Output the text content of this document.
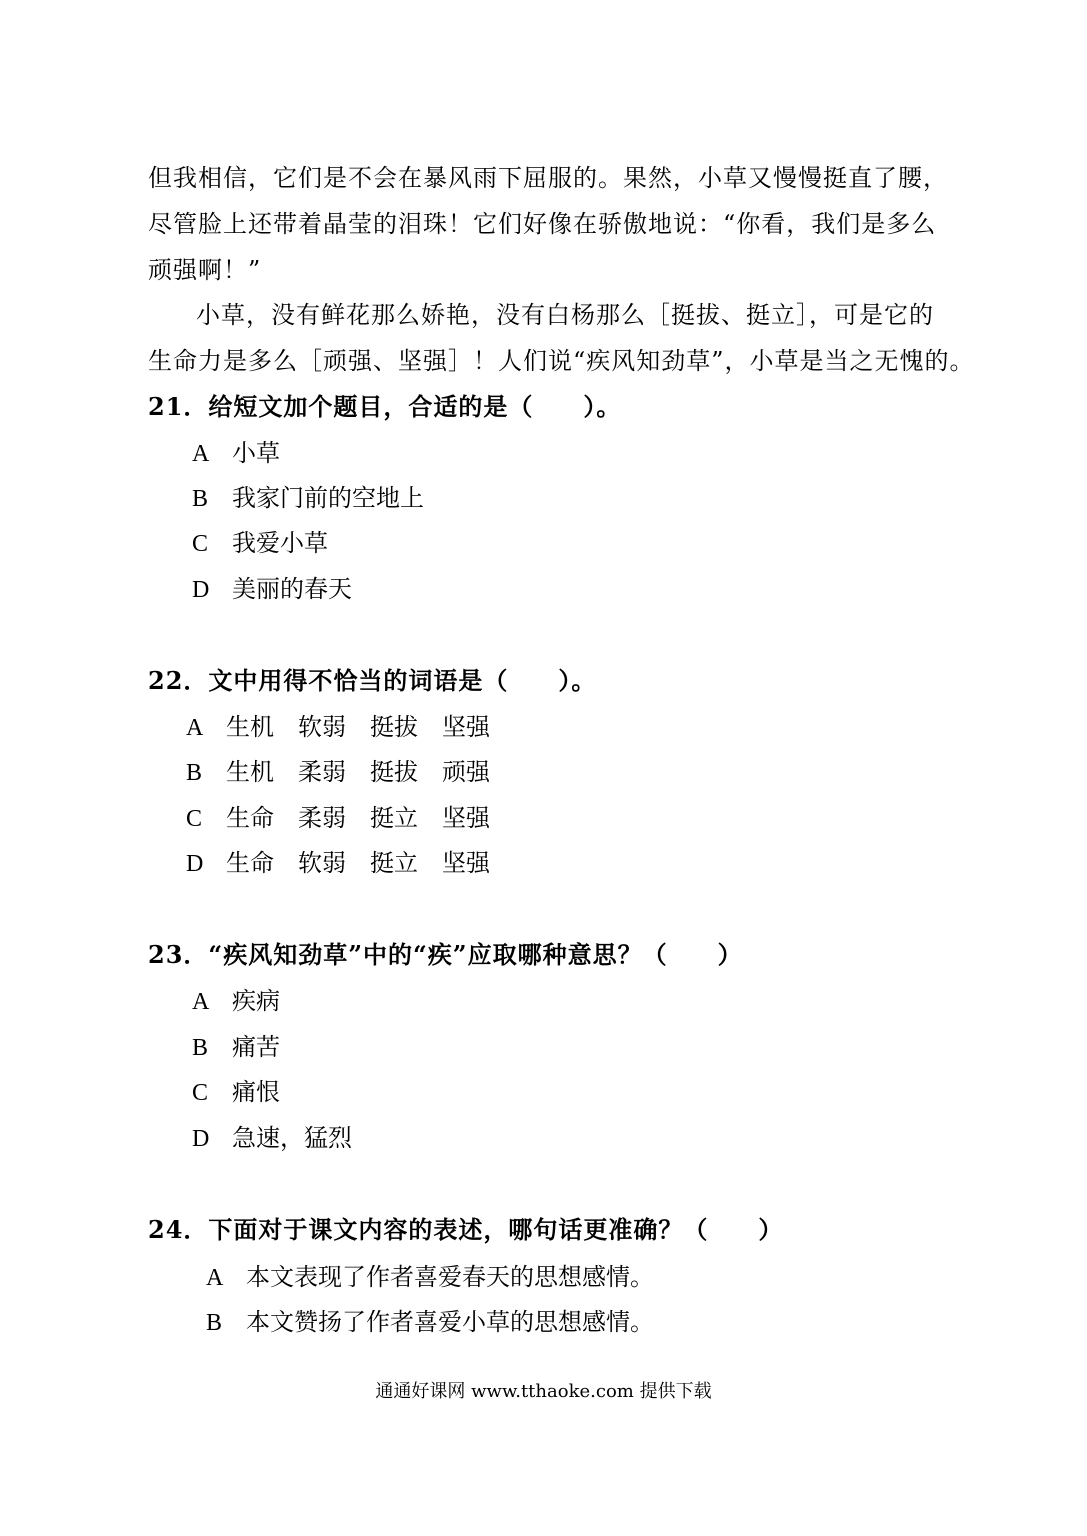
但我相信，它们是不会在暴风雨下屈服的。果然，小草又慢慢挺直了腰，
尽管脸上还带着晶莹的泪珠！它们好像在骄傲地说：“你看，我们是多么
顽强啊！”
小草，没有鲜花那么娇艳，没有白杨那么［挺拔、挺立］，可是它的
生命力是多么［顽强、坚强］！人们说“疾风知劲草”，小草是当之无愧的。
21．给短文加个题目，合适的是（　　）。
A 小草
B 我家门前的空地上
C 我爱小草
D 美丽的春天
22．文中用得不恰当的词语是（　　）。
A 生机 软弱 挺拔 坚强
B 生机 柔弱 挺拔 顽强
C 生命 柔弱 挺立 坚强
D 生命 软弱 挺立 坚强
23．“疾风知劲草”中的“疾”应取哪种意思？（　　）
A 疾病
B 痛苦
C 痛恨
D 急速，猛烈
24．下面对于课文内容的表述，哪句话更准确？（　　）
A 本文表现了作者喜爱春天的思想感情。
B 本文赞扬了作者喜爱小草的思想感情。
通通好课网 www.tthaoke.com 提供下载
